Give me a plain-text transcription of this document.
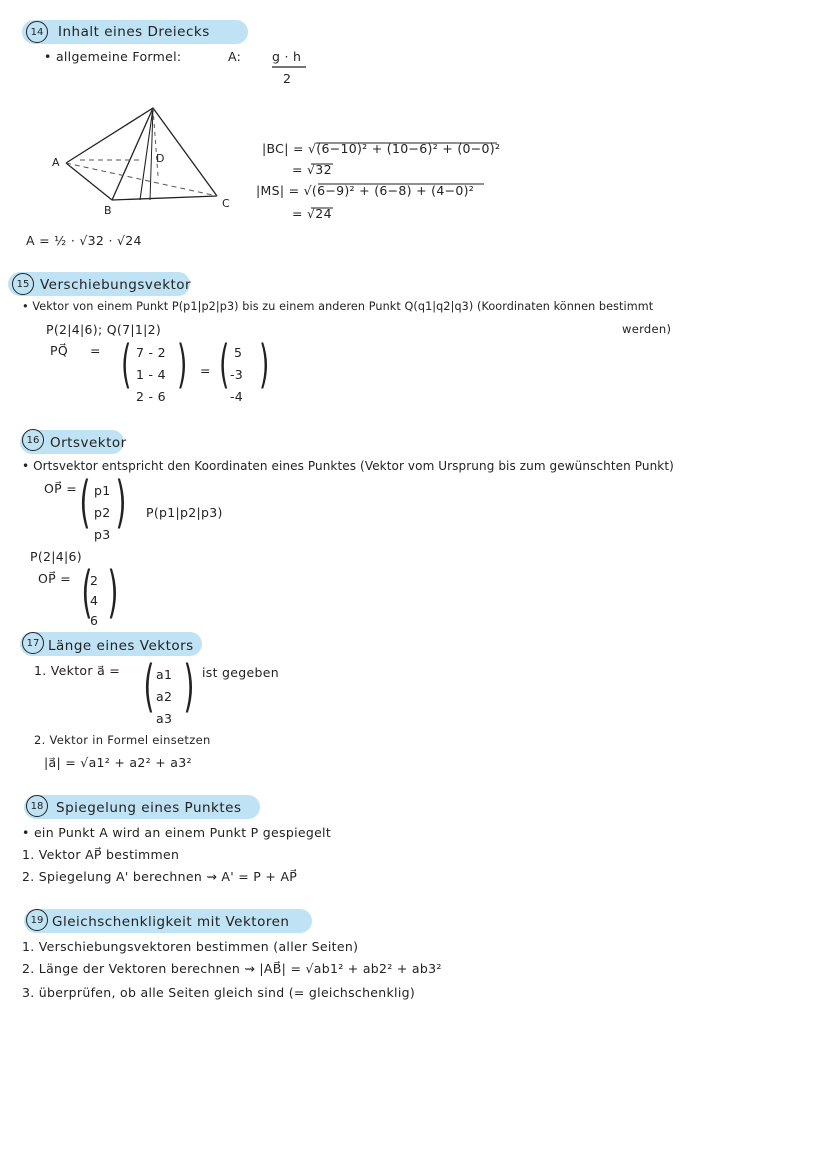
14	Inhalt eines Dreiecks
• allgemeine Formel:	A: g · h
2
A
B
C
D
|BC| = √(6−10)² + (10−6)² + (0−0)²
= √32
|MS| = √(6−9)² + (6−8) + (4−0)²
= √24
A = ½ · √32 · √24
15 Verschiebungsvektor
• Vektor von einem Punkt P(p1|p2|p3) bis zu einem anderen Punkt Q(q1|q2|q3) (Koordinaten können bestimmt
werden)
P(2|4|6); Q(7|1|2)
PQ⃗ = ( 7 - 2
1 - 4
2 - 6
) = ( 5
-3
-4
)
16 Ortsvektor
• Ortsvektor entspricht den Koordinaten eines Punktes (Vektor vom Ursprung bis zum gewünschten Punkt)
OP⃗ = ( p1
p2
p3 ) P(p1|p2|p3)
P(2|4|6)
OP⃗ = (
2
4
6 )
17 Länge eines Vektors
1. Vektor a⃗ = ( a1
a2
a3 ) ist gegeben
2. Vektor in Formel einsetzen
|a⃗| = √a1² + a2² + a3²
18 Spiegelung eines Punktes
• ein Punkt A wird an einem Punkt P gespiegelt
1. Vektor AP⃗ bestimmen
2. Spiegelung A' berechnen ⇝ A' = P + AP⃗
19 Gleichschenkligkeit mit Vektoren
1. Verschiebungsvektoren bestimmen (aller Seiten)
2. Länge der Vektoren berechnen ⇝ |AB⃗| = √ab1² + ab2² + ab3²
3. überprüfen, ob alle Seiten gleich sind (= gleichschenklig)
